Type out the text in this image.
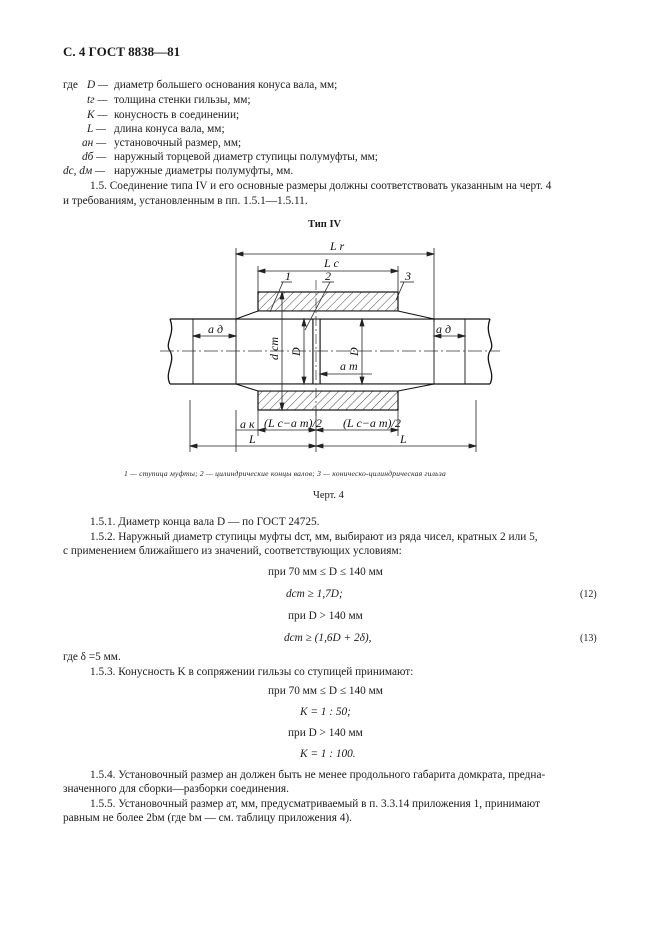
С. 4 ГОСТ 8838—81
где D — диаметр большего основания конуса вала, мм;
tг — толщина стенки гильзы, мм;
K — конусность в соединении;
L — длина конуса вала, мм;
aн — установочный размер, мм;
dб — наружный торцевой диаметр ступицы полумуфты, мм;
dс, dм — наружные диаметры полумуфты, мм.
1.5. Соединение типа IV и его основные размеры должны соответствовать указанным на черт. 4
и требованиям, установленным в пп. 1.5.1—1.5.11.
Тип IV
L r
L c
1	2	3
a д	a д
a т
a к (L c−a т)/2 (L c−a т)/2
L	L
d cт D	D
1 — ступица муфты; 2 — цилиндрические концы валов; 3 — коническо-цилиндрическая гильза
Черт. 4
1.5.1. Диаметр конца вала D — по ГОСТ 24725.
1.5.2. Наружный диаметр ступицы муфты dст, мм, выбирают из ряда чисел, кратных 2 или 5,
с применением ближайшего из значений, соответствующих условиям:
при 70 мм ≤ D ≤ 140 мм
dст ≥ 1,7D;	(12)
при D > 140 мм
dст ≥ (1,6D + 2δ),	(13)
где δ =5 мм.
1.5.3. Конусность K в сопряжении гильзы со ступицей принимают:
при 70 мм ≤ D ≤ 140 мм
K = 1 : 50;
при D > 140 мм
K = 1 : 100.
1.5.4. Установочный размер aн должен быть не менее продольного габарита домкрата, предна-
значенного для сборки—разборки соединения.
1.5.5. Установочный размер aт, мм, предусматриваемый в п. 3.3.14 приложения 1, принимают
равным не более 2bм (где bм — см. таблицу приложения 4).
